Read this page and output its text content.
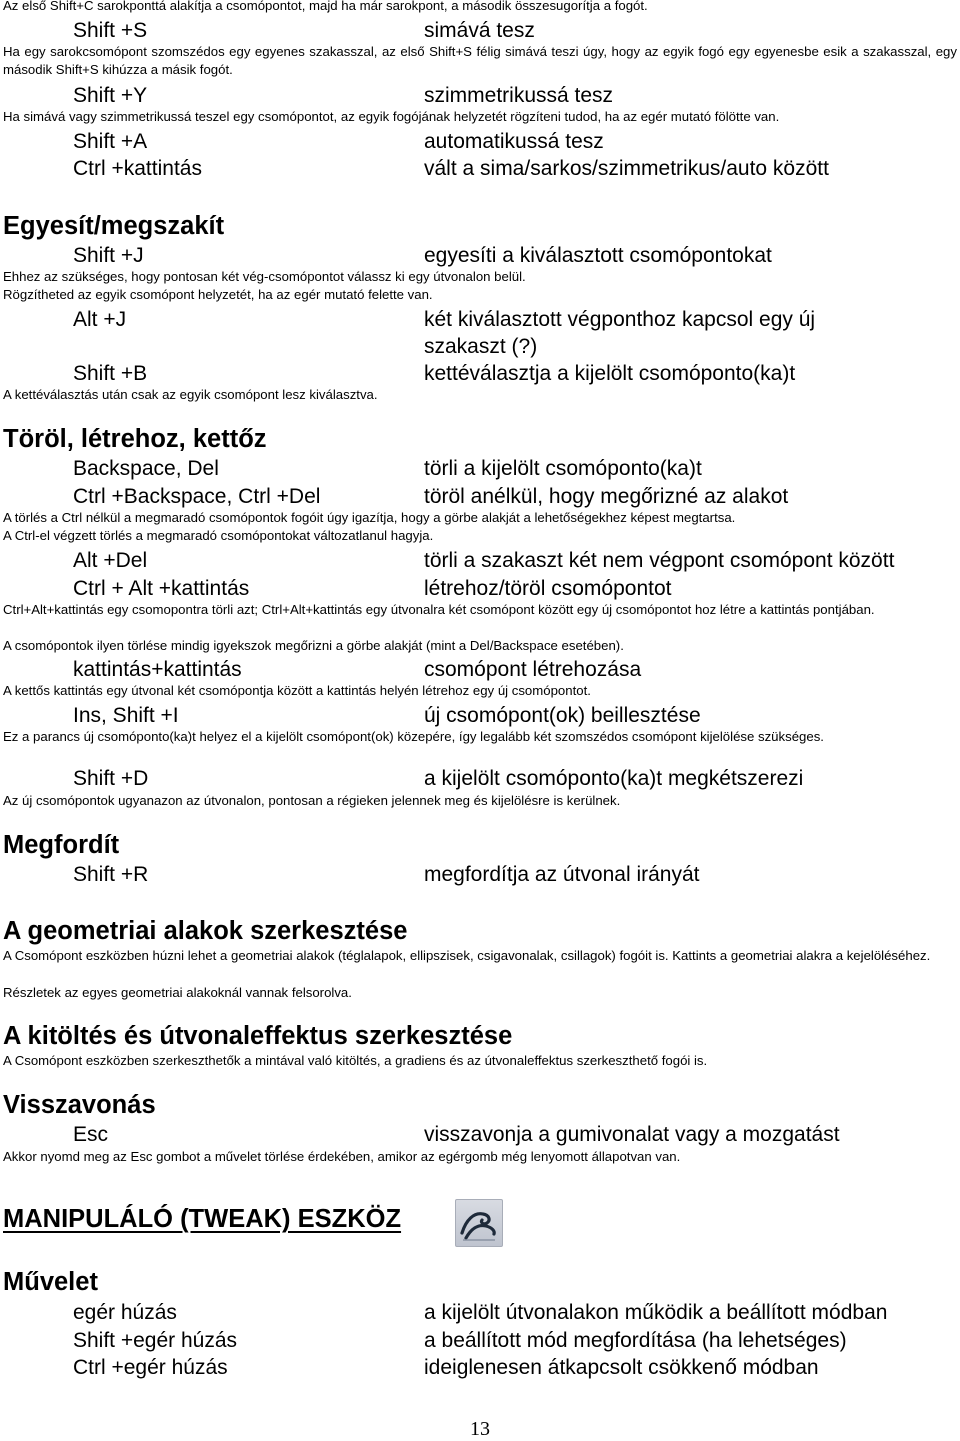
Az első Shift+C sarokponttá alakítja a csomópontot, majd ha már sarokpont, a második összesugorítja a fogót.

Shift +S	simává tesz

Ha egy sarokcsomópont szomszédos egy egyenes szakasszal, az első Shift+S félig simává teszi úgy, hogy az egyik fogó egy egyenesbe esik a szakasszal, egy második Shift+S kihúzza a másik fogót.

Shift +Y	szimmetrikussá tesz

Ha simává vagy szimmetrikussá teszel egy csomópontot, az egyik fogójának helyzetét rögzíteni tudod, ha az egér mutató fölötte van.

Shift +A	automatikussá tesz
Ctrl +kattintás	vált a sima/sarkos/szimmetrikus/auto között
Egyesít/megszakít
Shift +J	egyesíti a kiválasztott csomópontokat

Ehhez az szükséges, hogy pontosan két vég-csomópontot válassz ki egy útvonalon belül.

Rögzítheted az egyik csomópont helyzetét, ha az egér mutató felette van.

Alt +J	két kiválasztott végponthoz kapcsol egy új szakaszt (?)
Shift +B	kettéválasztja a kijelölt csomóponto(ka)t

A kettéválasztás után csak az egyik csomópont lesz kiválasztva.

Töröl, létrehoz, kettőz
Backspace, Del	törli a kijelölt csomóponto(ka)t
Ctrl +Backspace, Ctrl +Del	töröl anélkül, hogy megőrizné az alakot

A törlés a Ctrl nélkül a megmaradó csomópontok fogóit úgy igazítja, hogy a görbe alakját a lehetőségekhez képest megtartsa.

A Ctrl-el végzett törlés a megmaradó csomópontokat változatlanul hagyja.

Alt +Del	törli a szakaszt két nem végpont csomópont között
Ctrl + Alt +kattintás	létrehoz/töröl csomópontot

Ctrl+Alt+kattintás egy csomopontra törli azt; Ctrl+Alt+kattintás egy útvonalra két csomópont között egy új csomópontot hoz létre a kattintás pontjában.

A csomópontok ilyen törlése mindig igyekszok megőrizni a görbe alakját (mint a Del/Backspace esetében).

kattintás+kattintás	csomópont létrehozása

A kettős kattintás egy útvonal két csomópontja között a kattintás helyén létrehoz egy új csomópontot.

Ins, Shift +I	új csomópont(ok) beillesztése

Ez a parancs új csomóponto(ka)t helyez el a kijelölt csomópont(ok) közepére, így legalább két szomszédos csomópont kijelölése szükséges.

Shift +D	a kijelölt csomóponto(ka)t megkétszerezi

Az új csomópontok ugyanazon az útvonalon, pontosan a régieken jelennek meg és kijelölésre is kerülnek.

Megfordít
Shift +R	megfordítja az útvonal irányát
A geometriai alakok szerkesztése

A Csomópont eszközben húzni lehet a geometriai alakok (téglalapok, ellipszisek, csigavonalak, csillagok) fogóit is. Kattints a geometriai alakra a kejelöléséhez.

Részletek az egyes geometriai alakoknál vannak felsorolva.

A kitöltés és útvonaleffektus szerkesztése

A Csomópont eszközben szerkeszthetők a mintával való kitöltés, a gradiens és az útvonaleffektus szerkeszthető fogói is.

Visszavonás
Esc	visszavonja a gumivonalat vagy a mozgatást

Akkor nyomd meg az Esc gombot a művelet törlése érdekében, amikor az egérgomb még lenyomott állapotvan van.

MANIPULÁLÓ (TWEAK) ESZKÖZ
Művelet
egér húzás	a kijelölt útvonalakon működik a beállított módban
Shift +egér húzás	a beállított mód megfordítása (ha lehetséges)
Ctrl +egér húzás	ideiglenesen átkapcsolt csökkenő módban
13
